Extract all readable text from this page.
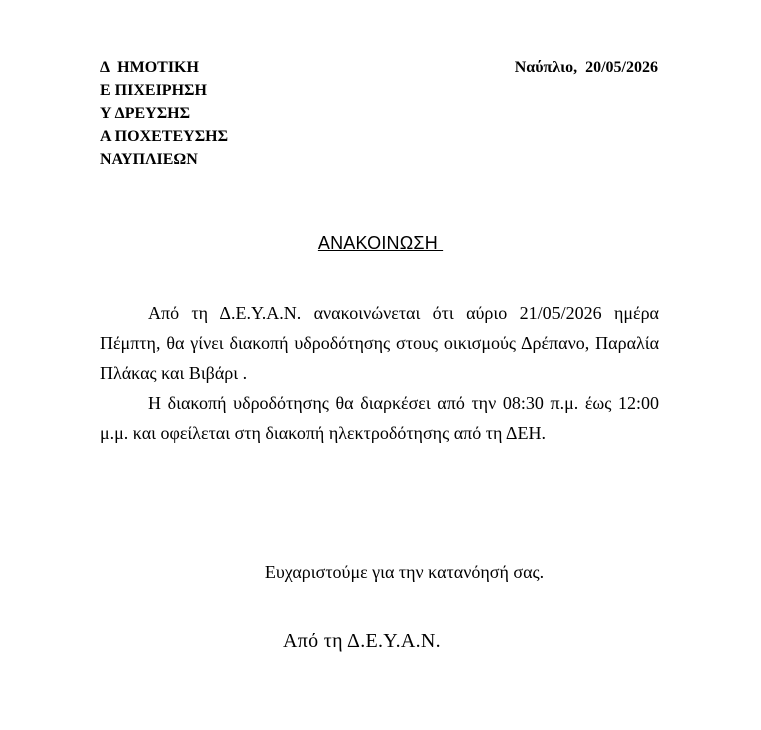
Δ  ΗΜΟΤΙΚΗ
Ε ΠΙΧΕΙΡΗΣΗ
Υ ΔΡΕΥΣΗΣ
Α ΠΟΧΕΤΕΥΣΗΣ
ΝΑΥΠΛΙΕΩΝ
Ναύπλιο,  20/05/2026
ΑΝΑΚΟΙΝΩΣΗ

Από τη Δ.Ε.Υ.Α.Ν. ανακοινώνεται ότι αύριο 21/05/2026 ημέρα Πέμπτη, θα γίνει διακοπή υδροδότησης στους οικισμούς Δρέπανο, Παραλία Πλάκας και Βιβάρι .

Η διακοπή υδροδότησης θα διαρκέσει από την 08:30 π.μ. έως 12:00 μ.μ. και οφείλεται στη διακοπή ηλεκτροδότησης από τη ΔΕΗ.

Ευχαριστούμε για την κατανόησή σας.
Από τη Δ.Ε.Υ.Α.Ν.
